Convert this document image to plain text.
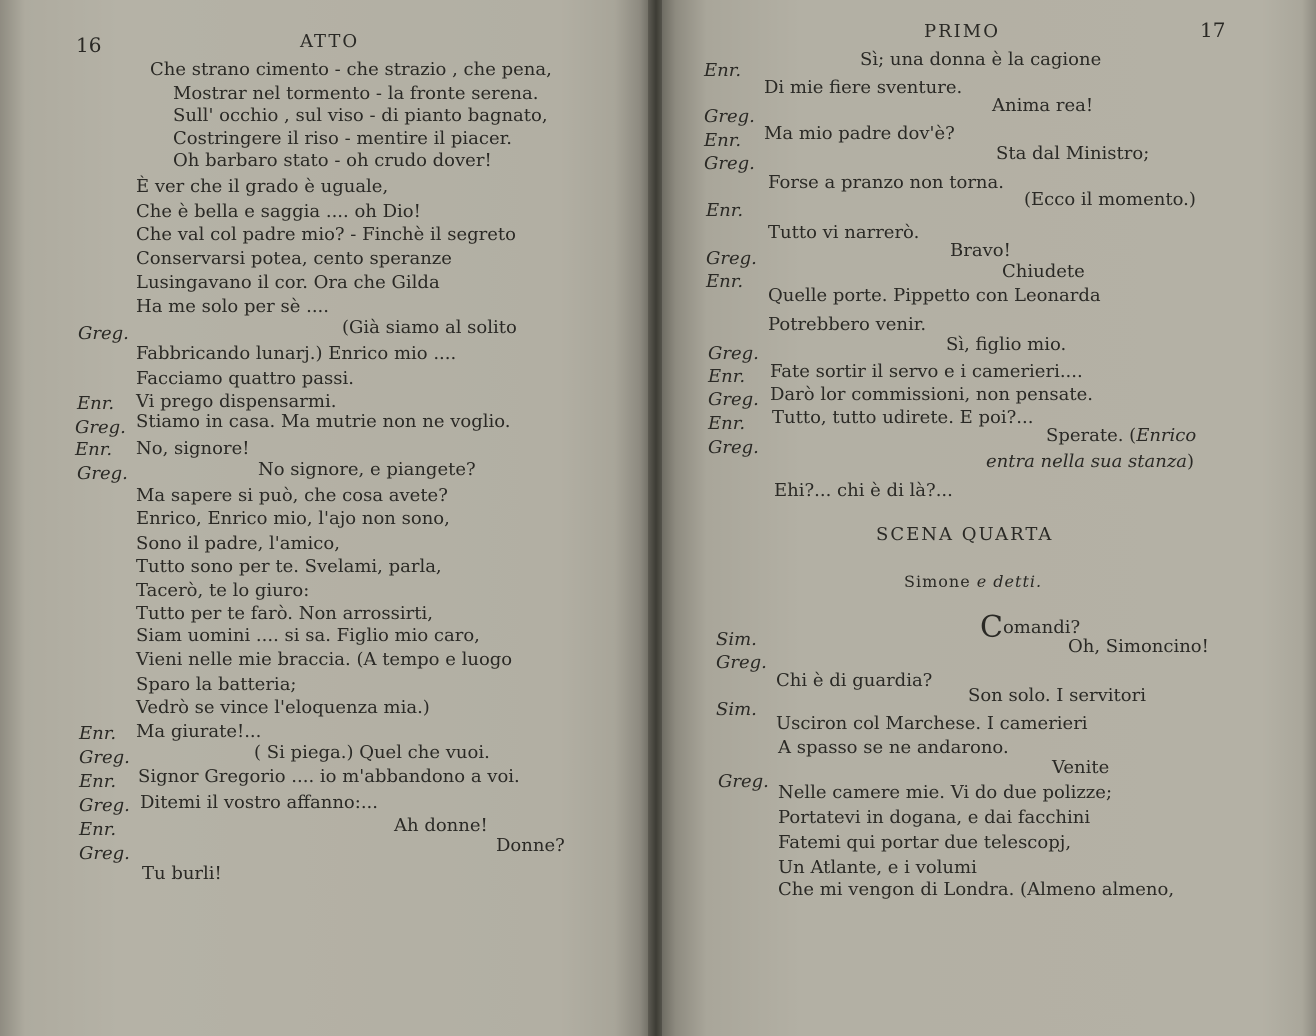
16	ATTO
Che strano cimento - che strazio , che pena,
Mostrar nel tormento - la fronte serena.
Sull' occhio , sul viso - di pianto bagnato,
Costringere il riso - mentire il piacer.
Oh barbaro stato - oh crudo dover!
È ver che il grado è uguale,
Che è bella e saggia .... oh Dio!
Che val col padre mio? - Finchè il segreto
Conservarsi potea, cento speranze
Lusingavano il cor. Ora che Gilda
Ha me solo per sè ....
Greg.	(Già siamo al solito
Fabbricando lunarj.) Enrico mio ....
Facciamo quattro passi.
Enr. Vi prego dispensarmi.
Greg. Stiamo in casa. Ma mutrie non ne voglio.
Enr. No, signore!
Greg.	No signore, e piangete?
Ma sapere si può, che cosa avete?
Enrico, Enrico mio, l'ajo non sono,
Sono il padre, l'amico,
Tutto sono per te. Svelami, parla,
Tacerò, te lo giuro:
Tutto per te farò. Non arrossirti,
Siam uomini .... si sa. Figlio mio caro,
Vieni nelle mie braccia. (A tempo e luogo
Sparo la batteria;
Vedrò se vince l'eloquenza mia.)
Enr. Ma giurate!...
Greg.	( Si piega.) Quel che vuoi.
Enr. Signor Gregorio .... io m'abbandono a voi.
Greg. Ditemi il vostro affanno:...
Enr.	Ah donne!
Greg.	Donne?
Tu burli!
PRIMO	17
Enr.
Sì; una donna è la cagione
Di mie fiere sventure.
Greg.
Anima rea!
Enr. Ma mio padre dov'è?
Greg.	Sta dal Ministro;
Forse a pranzo non torna.
Enr.
(Ecco il momento.)
Tutto vi narrerò.
Greg.	Bravo!
Enr.	Chiudete
Quelle porte. Pippetto con Leonarda
Potrebbero venir.
Greg.	Sì, figlio mio.
Enr. Fate sortir il servo e i camerieri....
Greg. Darò lor commissioni, non pensate.
Enr. Tutto, tutto udirete. E poi?...
Greg.
Sperate. (Enrico
entra nella sua stanza)
Ehi?... chi è di là?...
SCENA QUARTA
Simone e detti.
Sim.	Comandi?
Greg.
Oh, Simoncino!
Chi è di guardia?
Sim.
Son solo. I servitori
Usciron col Marchese. I camerieri
A spasso se ne andarono.
Greg.
Venite
Nelle camere mie. Vi do due polizze;
Portatevi in dogana, e dai facchini
Fatemi qui portar due telescopj,
Un Atlante, e i volumi
Che mi vengon di Londra. (Almeno almeno,
